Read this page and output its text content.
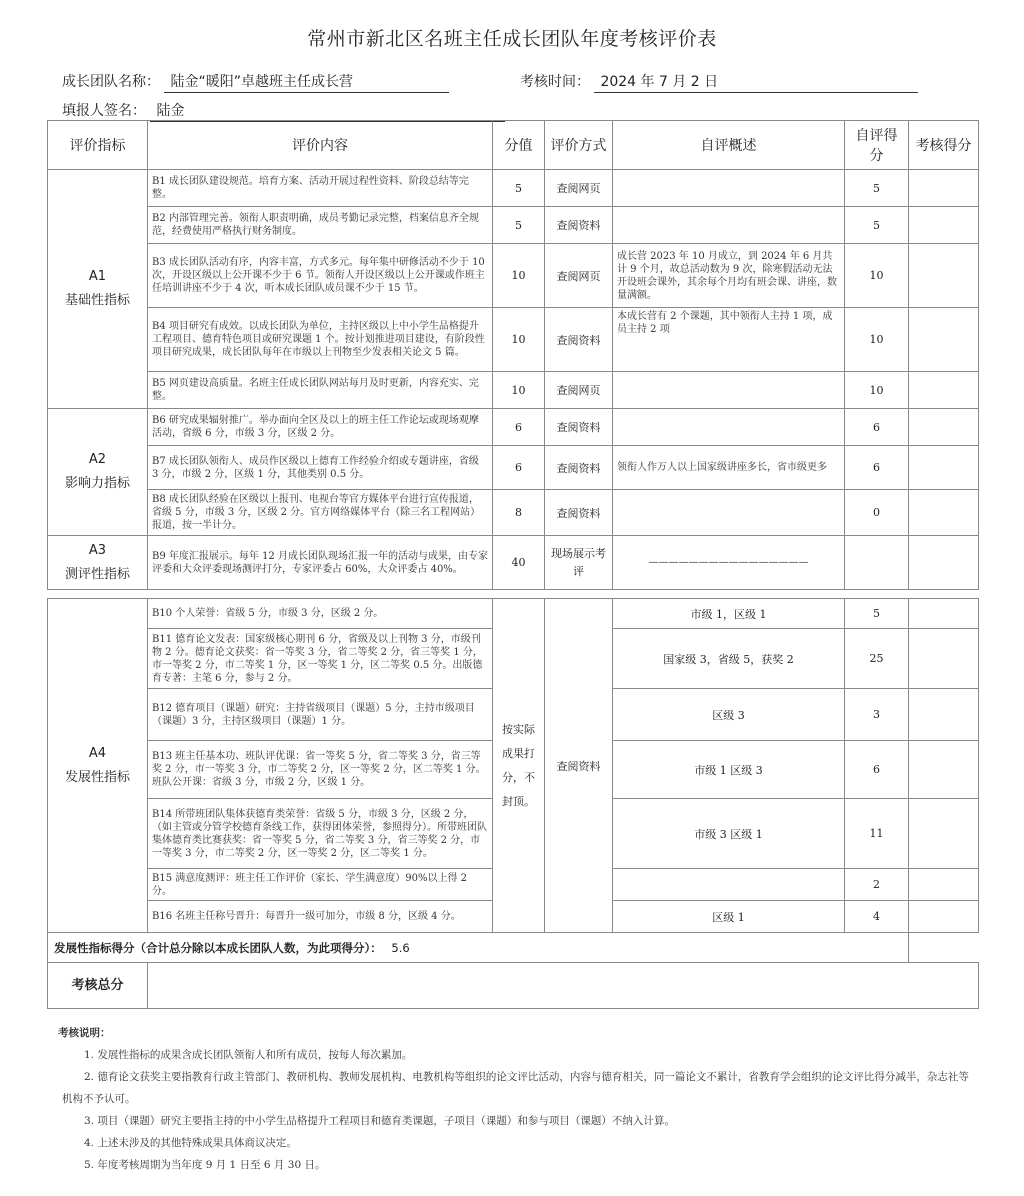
常州市新北区名班主任成长团队年度考核评价表
成长团队名称： 陆金“暖阳”卓越班主任成长营	考核时间： 2024 年 7 月 2 日
填报人签名： 陆金
评价指标	评价内容	分值	评价方式	自评概述	自评得分	考核得分

A1
基础性指标	B1 成长团队建设规范。培育方案、活动开展过程性资料、阶段总结等完整。	5	查阅网页		5	
	B2 内部管理完善。领衔人职责明确，成员考勤记录完整，档案信息齐全规范，经费使用严格执行财务制度。	5	查阅资料		5	
	B3 成长团队活动有序，内容丰富，方式多元。每年集中研修活动不少于 10 次，开设区级以上公开课不少于 6 节。领衔人开设区级以上公开课或作班主任培训讲座不少于 4 次，听本成长团队成员课不少于 15 节。	10	查阅网页	成长营 2023 年 10 月成立，到 2024 年 6 月共计 9 个月，故总活动数为 9 次，除寒假活动无法开设班会课外，其余每个月均有班会课、讲座，数量满额。	10	
	B4 项目研究有成效。以成长团队为单位，主持区级以上中小学生品格提升工程项目、德育特色项目或研究课题 1 个。按计划推进项目建设，有阶段性项目研究成果，成长团队每年在市级以上刊物至少发表相关论文 5 篇。	10	查阅资料	本成长营有 2 个课题，其中领衔人主持 1 项，成员主持 2 项	10	
	B5 网页建设高质量。名班主任成长团队网站每月及时更新，内容充实、完整。	10	查阅网页		10	

A2
影响力指标	B6 研究成果辐射推广。举办面向全区及以上的班主任工作论坛或现场观摩活动，省级 6 分，市级 3 分，区级 2 分。	6	查阅资料		6	
	B7 成长团队领衔人、成员作区级以上德育工作经验介绍或专题讲座，省级 3 分，市级 2 分，区级 1 分，其他类别 0.5 分。	6	查阅资料	领衔人作万人以上国家级讲座多长，省市级更多	6	
	B8 成长团队经验在区级以上报刊、电视台等官方媒体平台进行宣传报道，省级 5 分，市级 3 分，区级 2 分。官方网络媒体平台（除三名工程网站）报道，按一半计分。	8	查阅资料		0	

A3
测评性指标	B9 年度汇报展示。每年 12 月成长团队现场汇报一年的活动与成果，由专家评委和大众评委现场测评打分，专家评委占 60%，大众评委占 40%。	40	现场展示考评	————————————————		
A4
发展性指标	B10 个人荣誉：省级 5 分，市级 3 分，区级 2 分。	按实际成果打分，不封顶。	查阅资料	市级 1，区级 1	5	
	B11 德育论文发表：国家级核心期刊 6 分，省级及以上刊物 3 分，市级刊物 2 分。德育论文获奖：省一等奖 3 分，省二等奖 2 分，省三等奖 1 分，市一等奖 2 分，市二等奖 1 分，区一等奖 1 分，区二等奖 0.5 分。出版德育专著：主笔 6 分，参与 2 分。			国家级 3，省级 5，获奖 2	25	
	B12 德育项目（课题）研究：主持省级项目（课题）5 分，主持市级项目（课题）3 分，主持区级项目（课题）1 分。			区级 3	3	
	B13 班主任基本功、班队评优课：省一等奖 5 分，省二等奖 3 分，省三等奖 2 分，市一等奖 3 分，市二等奖 2 分，区一等奖 2 分，区二等奖 1 分。班队公开课：省级 3 分，市级 2 分，区级 1 分。			市级 1 区级 3	6	
	B14 所带班团队集体获德育类荣誉：省级 5 分，市级 3 分，区级 2 分，（如主管或分管学校德育条线工作，获得团体荣誉，参照得分）。所带班团队集体德育类比赛获奖：省一等奖 5 分，省二等奖 3 分，省三等奖 2 分，市一等奖 3 分，市二等奖 2 分，区一等奖 2 分，区二等奖 1 分。			市级 3 区级 1	11	
	B15 满意度测评：班主任工作评价（家长、学生满意度）90%以上得 2 分。				2	
	B16 名班主任称号晋升：每晋升一级可加分，市级 8 分，区级 4 分。			区级 1	4	
发展性指标得分（合计总分除以本成长团队人数，为此项得分）： 5.6						
考核总分						
考核说明：

1. 发展性指标的成果含成长团队领衔人和所有成员，按每人每次累加。

2. 德育论文获奖主要指教育行政主管部门、教研机构、教师发展机构、电教机构等组织的论文评比活动，内容与德育相关，同一篇论文不累计，省教育学会组织的论文评比得分减半，杂志社等机构不予认可。

3. 项目（课题）研究主要指主持的中小学生品格提升工程项目和德育类课题，子项目（课题）和参与项目（课题）不纳入计算。

4. 上述未涉及的其他特殊成果具体商议决定。

5. 年度考核周期为当年度 9 月 1 日至 6 月 30 日。
